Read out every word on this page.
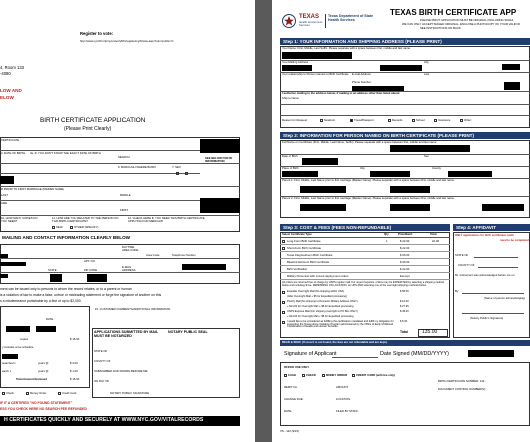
Register to vote:
http://www.nyccfb.info/nycvotes/VRC/registeringToVote.aspx?utm=public rfv
4, Room 133
-4080
LOW AND
ELOW
BIRTH CERTIFICATE APPLICATION
(Please Print Clearly)
CERTIFICATE
2. DATE OF BIRTH 3a. IF YOU DON'T KNOW THE EXACT DATE OF BIRTH
SEARCH
6. BOROUGH WHERE BORN	7. SEX
SEE BELOW FOR ID INFORMATION
R PRIOR TO FIRST MARRIAGE (MAIDEN NAME)
LAST	MIDDLE
AME
FIRST
10. HOW MANY COPIES DO YOU NEED?
11. HOW ARE YOU RELATED TO THE PERSON ON THIS BIRTH CERTIFICATE?
12. CHECK HERE IF YOU NEED THIS BIRTH CERTIFICATE APPLYING FOR MEDICAID
SELF	OTHER (SPECIFY)
MAILING AND CONTACT INFORMATION CLEARLY BELOW
DAYTIME AREA CODE
Area Code	Telephone Number
E-MAIL ADDRESS
STATE
APT. NO.
ZIP CODE
ment can be issued only to persons to whom the record relates, or to a parent or human
is a violation of law to make a false, untrue or misleading statement or forge the signature of another on this
s a misdemeanor punishable by a fine of up to $2,000.
DATE
copies	$ 15.00
y includes a fee schedule
searched x	years @	$ 3.00
earch x	years @	$ 1.00
Total Amount Enclosed	$ 15.00
Check	Money Order	Credit Card
15. CUSTOMER COMMENTS/ADDITIONAL INFORMATION
APPLICATIONS SUBMITTED BY MAIL MUST BE NOTARIZED
NOTARY PUBLIC SEAL
STATE OF
COUNTY OF
SUBSCRIBED AND SWORN BEFORE ME
ON DAY OF
NOTARY PUBLIC SIGNATURE
IF IT A CERTIFIED "NO FOUND STATEMENT"
ESS YOU CHECK HERE NO SEARCH FEE REFUNDED
H CERTIFICATES QUICKLY AND SECURELY AT WWW.NYC.GOV/VITALRECORDS
TEXAS
Health and Human Services
Texas Department of State Health Services
TEXAS BIRTH CERTIFICATE APP
PLEASE PRINT. APPLICATION MUST BE ORIGINAL (INCLUDING SIGNA
WE CAN ONLY ACCEPT MAILED ORIGINAL. ENCLOSE A PHOTOCOPY OF YOUR VALID ID
SEE INSTRUCTIONS ON BACK
Step 1: YOUR INFORMATION AND SHIPPING ADDRESS (PLEASE PRINT)
Your Name: First, Middle, Last Suffix. Please separate with a space between first, middle and last name.
Your Mailing Address	City
Your relationship to Person named on Birth Certificate	E-mail Address
Phone Number
Last
I authorize mailing to the address below, if mailing to an address other than listed above:
Ship to Name
Reason for Request:	Newborn	Travel/Passport	Records	School	Insurance	Other:
Step 2: INFORMATION FOR PERSON NAMED ON BIRTH CERTIFICATE (PLEASE PRINT)
Full Name on Certificate (First, Middle, Last Name, Suffix). Please separate with a space between first, middle and last name.
Date of Birth	Sex
Place of Birth	City	County
Parent 1: First, Middle, Last Name prior to first marriage (Maiden Name). Please separate with a space between first, middle and last name.
Parent 2: First, Middle, Last Name prior to first marriage (Maiden Name). Please separate with a space between first, middle and last name.
Step 3: COST & FEES (FEES NON-REFUNDABLE)	Step 4: AFFIDAVIT
Select Certificate Type	Qty	Price/Each	Total
Long-Form Birth Certificate	1	$ 22.00	22.00
Short-Form Birth Certificate	$ 22.00
Texas Flag Heirloom Birth Certificate	$ 60.00
Bluebird Heirloom Birth Certificate	$ 60.00
Birth Verification	$ 22.00
Military Personnel with current deployment orders	Exempt
All orders are returned free of charge by USPS regular mail. For urgent requests, orders may be EXPEDITED by selecting a shipping method below and including $ fee. DEPENDING ON LOCATION, an UPS AND selecting one of the overnight shipping methods below.
Expedite Overnight Mail (No shipping within USA)	$ 55.00
(After Overnight Mail + $5 for Expedited processing)
Priority Mail (No shipping to Domestic Military Address ONLY)	$ 10.00
+ $14.00 for Overnight Mail + $5 for Expedited processing	$ 27.95
USPS Express Mail (For shipping overnight to PO Box ONLY)	$ 45.00
+ $14.00 for Overnight Mail + $5 for Expedited processing
I would like to be considered as fulfilling the certification mandated and fulfill my obligation for supporting the Texas Home Visitation Program administered by the Office of Early Childhood Coordination of Health and Human Services.
$ 5.00
Total	135.00
ONLY applications for birth certificates (with
need to be completed
STATE OF
COUNTY OF
Mr. Instrument was acknowledged before me on
By
(Name of person acknowledging)
(Notary Public's Signature)
READ & SIGN: (If record is not found, the fees are not refundable and are kept.)
Signature of Applicant	Date Signed (MM/DD/YYYY)
OFFICE USE ONLY
CASH	CHECK	MONEY ORDER	CREDIT CARD (with fee only)
REMIT No.	AMOUNT
CHANGE DUE:	LOCATION
DATE:	FILED BY STAFF:
BIRTH CERTIFICATE NUMBER: 142 -
DOCUMENT CONTROL NUMBER(S):
VS - 142 (9/15)
